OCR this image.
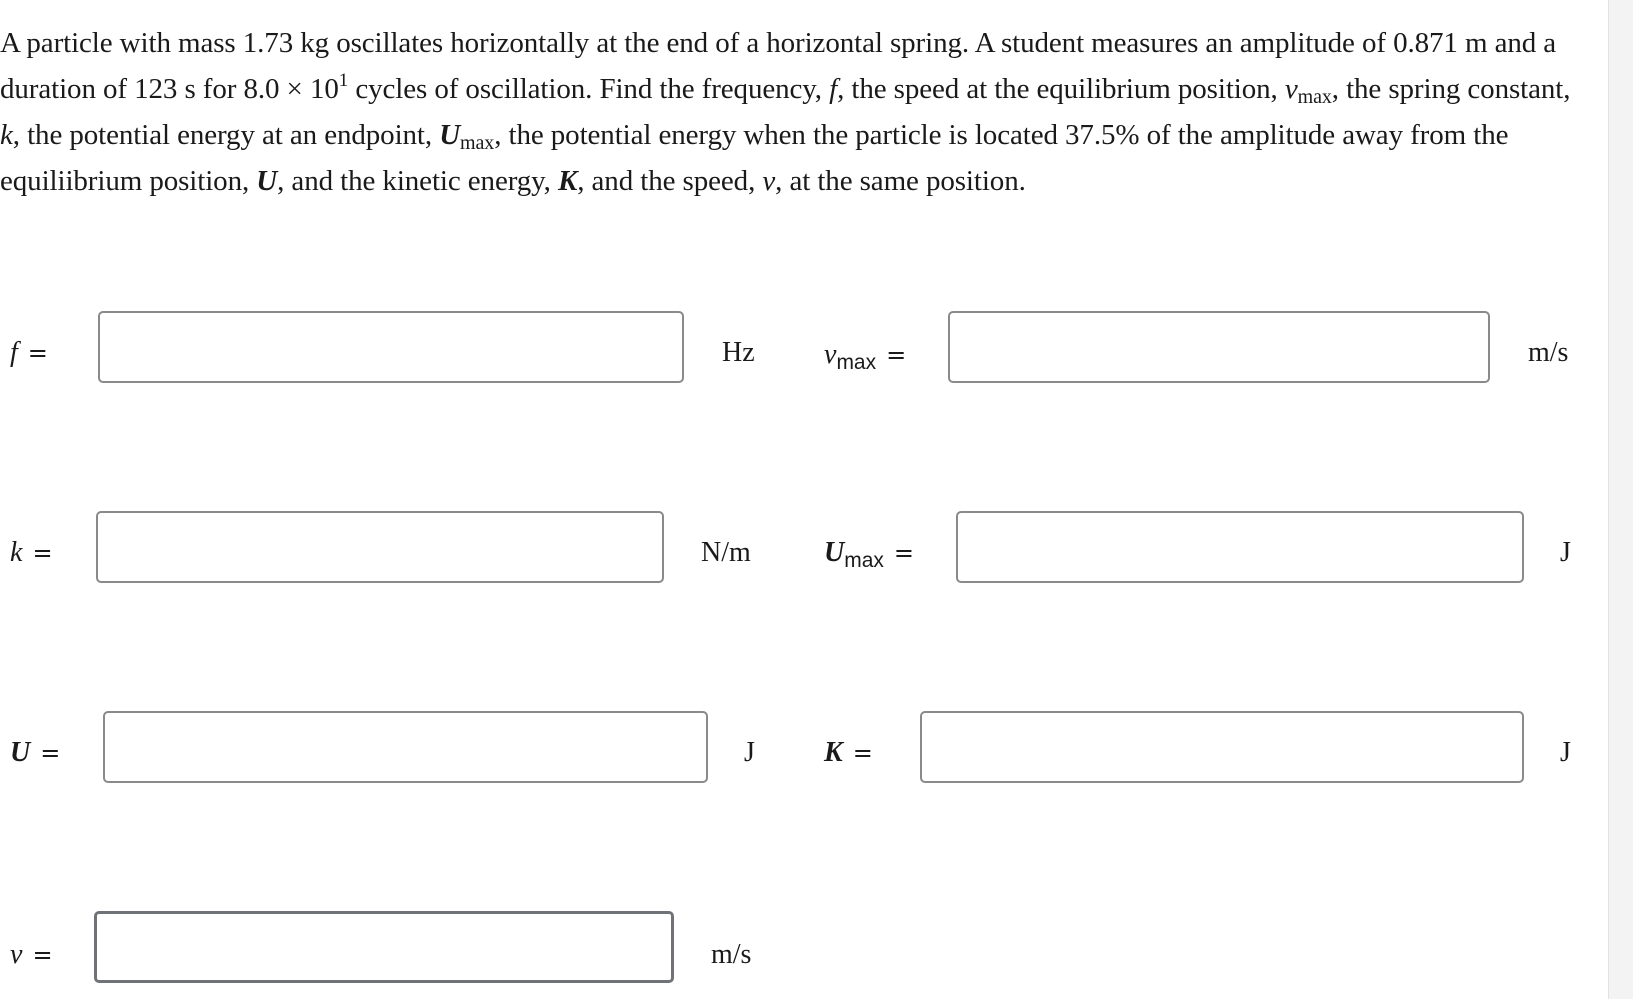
A particle with mass 1.73 kg oscillates horizontally at the end of a horizontal spring. A student measures an amplitude of 0.871 m and a duration of 123 s for $8.0 \times 10^1$ cycles of oscillation. Find the frequency, f, the speed at the equilibrium position, $v_{max}$, the spring constant, k, the potential energy at an endpoint, $U_{max}$, the potential energy when the particle is located 37.5% of the amplitude away from the equiliibrium position, U, and the kinetic energy, K, and the speed, v, at the same position.
f =	Hz $v_{max}$ =	m/s
k =	N/m	$U_{max}$ =	J
U =	J K =	J
v =	m/s
